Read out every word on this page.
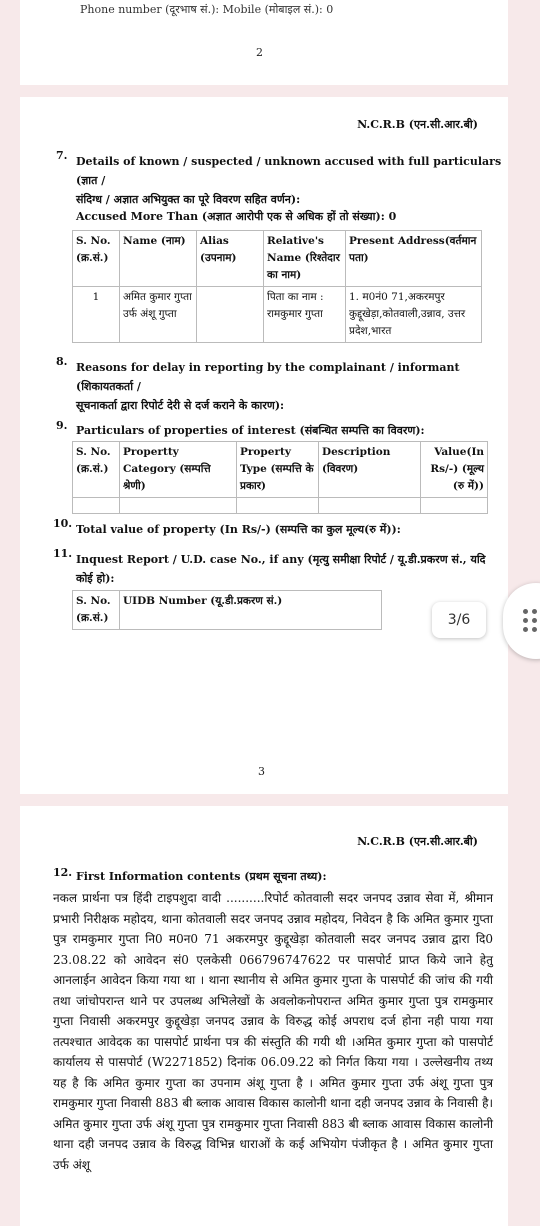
Phone number (दूरभाष सं.): Mobile (मोबाइल सं.): 0
2
N.C.R.B (एन.सी.आर.बी)
7. Details of known / suspected / unknown accused with full particulars (ज्ञात /
संदिग्ध / अज्ञात अभियुक्त का पूरे विवरण सहित वर्णन):
Accused More Than (अज्ञात आरोपी एक से अधिक हों तो संख्या): 0
S. No. (क्र.सं.)	Name (नाम)	Alias (उपनाम)	Relative's Name (रिश्तेदार का नाम)	Present Address(वर्तमान पता)
1	अमित कुमार गुप्ता उर्फ अंशू गुप्ता		पिता का नाम : रामकुमार गुप्ता	1. म0नं0 71,अकरमपुर कुद्दूखेड़ा,कोतवाली,उन्नाव, उत्तर प्रदेश,भारत
8. Reasons for delay in reporting by the complainant / informant (शिकायतकर्ता /
सूचनाकर्ता द्वारा रिपोर्ट देरी से दर्ज कराने के कारण):
9. Particulars of properties of interest (संबन्धित सम्पत्ति का विवरण):
S. No. (क्र.सं.)	Propertty Category (सम्पत्ति श्रेणी)	Property Type (सम्पत्ति के प्रकार)	Description (विवरण)	Value(In Rs/-) (मूल्य (रु में))

10. Total value of property (In Rs/-) (सम्पत्ति का कुल मूल्य(रु में)):
11. Inquest Report / U.D. case No., if any (मृत्यु समीक्षा रिपोर्ट / यू.डी.प्रकरण सं., यदि
कोई हो):
S. No. (क्र.सं.)	UIDB Number (यू.डी.प्रकरण सं.)
3
N.C.R.B (एन.सी.आर.बी)
12. First Information contents (प्रथम सूचना तथ्य):
नकल प्रार्थना पत्र हिंदी टाइपशुदा वादी ..........रिपोर्ट कोतवाली सदर जनपद उन्नाव सेवा में, श्रीमान प्रभारी निरीक्षक महोदय, थाना कोतवाली सदर जनपद उन्नाव महोदय, निवेदन है कि अमित कुमार गुप्ता पुत्र रामकुमार गुप्ता नि0 म0न0 71 अकरमपुर कुद्दूखेड़ा कोतवाली सदर जनपद उन्नाव द्वारा दि0 23.08.22 को आवेदन सं0 एलकेसी 066796747622 पर पासपोर्ट प्राप्त किये जाने हेतु आनलाईन आवेदन किया गया था । थाना स्थानीय से अमित कुमार गुप्ता के पासपोर्ट की जांच की गयी तथा जांचोपरान्त थाने पर उपलब्ध अभिलेखों के अवलोकनोपरान्त अमित कुमार गुप्ता पुत्र रामकुमार गुप्ता निवासी अकरमपुर कुद्दूखेड़ा जनपद उन्नाव के विरुद्ध कोई अपराध दर्ज होना नही पाया गया तत्पश्चात आवेदक का पासपोर्ट प्रार्थना पत्र की संस्तुति की गयी थी ।अमित कुमार गुप्ता को पासपोर्ट कार्यालय से पासपोर्ट (W2271852) दिनांक 06.09.22 को निर्गत किया गया । उल्लेखनीय तथ्य यह है कि अमित कुमार गुप्ता का उपनाम अंशू गुप्ता है । अमित कुमार गुप्ता उर्फ अंशू गुप्ता पुत्र रामकुमार गुप्ता निवासी 883 बी ब्लाक आवास विकास कालोनी थाना दही जनपद उन्नाव के निवासी है। अमित कुमार गुप्ता उर्फ अंशू गुप्ता पुत्र रामकुमार गुप्ता निवासी 883 बी ब्लाक आवास विकास कालोनी थाना दही जनपद उन्नाव के विरुद्ध विभिन्न धाराओं के कई अभियोग पंजीकृत है । अमित कुमार गुप्ता उर्फ अंशू
3/6
